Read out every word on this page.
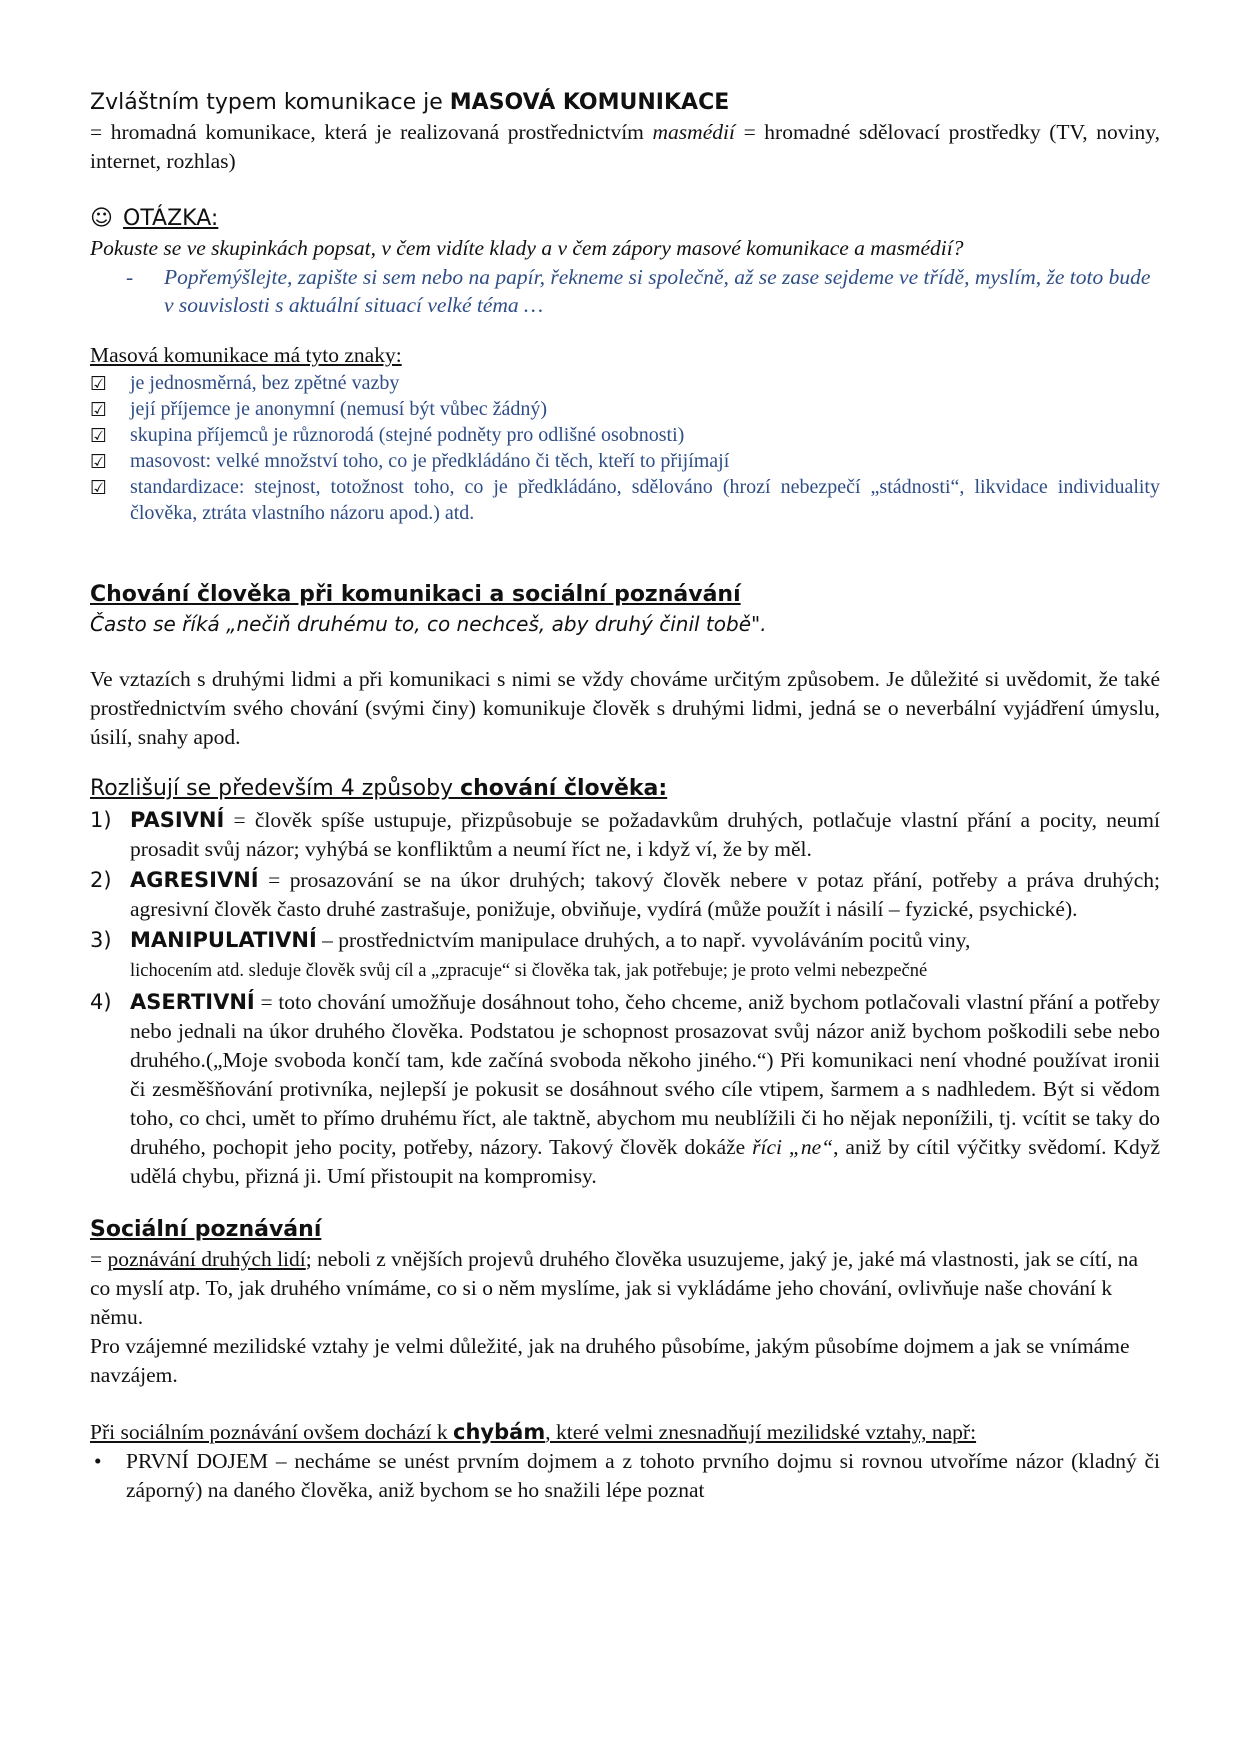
Zvláštním typem komunikace je MASOVÁ KOMUNIKACE

= hromadná komunikace, která je realizovaná prostřednictvím masmédií = hromadné sdělovací prostředky (TV, noviny, internet, rozhlas)

☺ OTÁZKA:

Pokuste se ve skupinkách popsat, v čem vidíte klady a v čem zápory masové komunikace a masmédií?

- Popřemýšlejte, zapište si sem nebo na papír, řekneme si společně, až se zase sejdeme ve třídě, myslím, že toto bude v souvislosti s aktuální situací velké téma …

Masová komunikace má tyto znaky:

☑ je jednosměrná, bez zpětné vazby
☑ její příjemce je anonymní (nemusí být vůbec žádný)
☑ skupina příjemců je různorodá (stejné podněty pro odlišné osobnosti)
☑ masovost: velké množství toho, co je předkládáno či těch, kteří to přijímají
☑ standardizace: stejnost, totožnost toho, co je předkládáno, sdělováno (hrozí nebezpečí „stádnosti“, likvidace individuality člověka, ztráta vlastního názoru apod.) atd.

Chování člověka při komunikaci a sociální poznávání

Často se říká „nečiň druhému to, co nechceš, aby druhý činil tobě".

Ve vztazích s druhými lidmi a při komunikaci s nimi se vždy chováme určitým způsobem. Je důležité si uvědomit, že také prostřednictvím svého chování (svými činy) komunikuje člověk s druhými lidmi, jedná se o neverbální vyjádření úmyslu, úsilí, snahy apod.

Rozlišují se především 4 způsoby chování člověka:

1) PASIVNÍ = člověk spíše ustupuje, přizpůsobuje se požadavkům druhých, potlačuje vlastní přání a pocity, neumí prosadit svůj názor; vyhýbá se konfliktům a neumí říct ne, i když ví, že by měl.
2) AGRESIVNÍ = prosazování se na úkor druhých; takový člověk nebere v potaz přání, potřeby a práva druhých; agresivní člověk často druhé zastrašuje, ponižuje, obviňuje, vydírá (může použít i násilí – fyzické, psychické).
3) MANIPULATIVNÍ – prostřednictvím manipulace druhých, a to např. vyvoláváním pocitů viny,
lichocením atd. sleduje člověk svůj cíl a „zpracuje“ si člověka tak, jak potřebuje; je proto velmi nebezpečné
4) ASERTIVNÍ = toto chování umožňuje dosáhnout toho, čeho chceme, aniž bychom potlačovali vlastní přání a potřeby nebo jednali na úkor druhého člověka. Podstatou je schopnost prosazovat svůj názor aniž bychom poškodili sebe nebo druhého.(„Moje svoboda končí tam, kde začíná svoboda někoho jiného.“) Při komunikaci není vhodné používat ironii či zesměšňování protivníka, nejlepší je pokusit se dosáhnout svého cíle vtipem, šarmem a s nadhledem. Být si vědom toho, co chci, umět to přímo druhému říct, ale taktně, abychom mu neublížili či ho nějak neponížili, tj. vcítit se taky do druhého, pochopit jeho pocity, potřeby, názory. Takový člověk dokáže říci „ne“, aniž by cítil výčitky svědomí. Když udělá chybu, přizná ji. Umí přistoupit na kompromisy.

Sociální poznávání

= poznávání druhých lidí; neboli z vnějších projevů druhého člověka usuzujeme, jaký je, jaké má vlastnosti, jak se cítí, na co myslí atp. To, jak druhého vnímáme, co si o něm myslíme, jak si vykládáme jeho chování, ovlivňuje naše chování k němu.

Pro vzájemné mezilidské vztahy je velmi důležité, jak na druhého působíme, jakým působíme dojmem a jak se vnímáme navzájem.

Při sociálním poznávání ovšem dochází k chybám, které velmi znesnadňují mezilidské vztahy, např:

• PRVNÍ DOJEM – necháme se unést prvním dojmem a z tohoto prvního dojmu si rovnou utvoříme názor (kladný či záporný) na daného člověka, aniž bychom se ho snažili lépe poznat
